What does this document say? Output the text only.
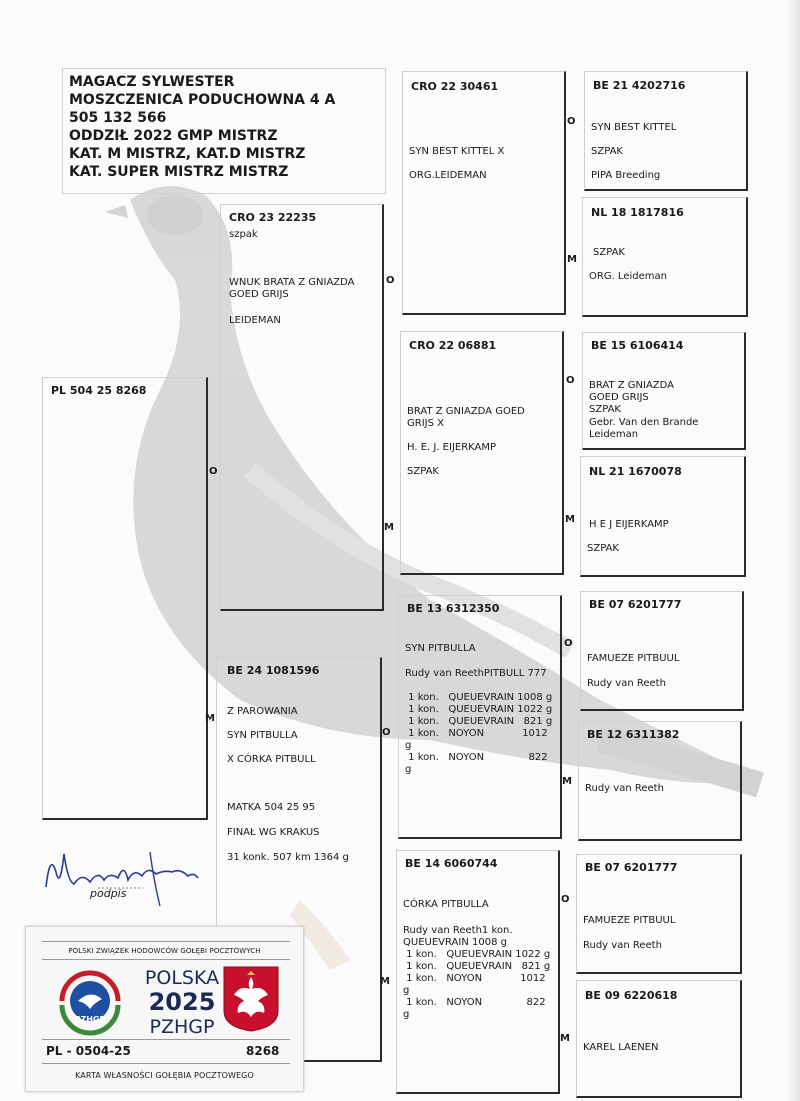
MAGACZ SYLWESTER
MOSZCZENICA PODUCHOWNA 4 A
505 132 566
ODDZIŁ 2022 GMP MISTRZ
KAT. M MISTRZ, KAT.D MISTRZ
KAT. SUPER MISTRZ MISTRZ
PL 504 25 8268
CRO 23 22235
szpak
WNUK BRATA Z GNIAZDA
GOED GRIJS
LEIDEMAN
BE 24 1081596
Z PAROWANIA
SYN PITBULLA
X CÓRKA PITBULL
MATKA 504 25 95
FINAŁ WG KRAKUS
31 konk. 507 km 1364 g
CRO 22 30461
SYN BEST KITTEL X
ORG.LEIDEMAN
CRO 22 06881
BRAT Z GNIAZDA GOED
GRIJS X
H. E. J. EIJERKAMP
SZPAK
BE 13 6312350
SYN PITBULLA
Rudy van ReethPITBULL 777
1 kon.   QUEUEVRAIN 1008 g
1 kon.   QUEUEVRAIN 1022 g
1 kon.   QUEUEVRAIN   821 g
1 kon.   NOYON            1012
g
1 kon.   NOYON              822
g
BE 14 6060744
CÓRKA PITBULLA
Rudy van Reeth1 kon.
QUEUEVRAIN 1008 g
1 kon.   QUEUEVRAIN 1022 g
1 kon.   QUEUEVRAIN   821 g
1 kon.   NOYON            1012
g
1 kon.   NOYON              822
g
BE 21 4202716
SYN BEST KITTEL
SZPAK
PIPA Breeding
NL 18 1817816
SZPAK
ORG. Leideman
BE 15 6106414
BRAT Z GNIAZDA
GOED GRIJS
SZPAK
Gebr. Van den Brande
Leideman
NL 21 1670078
H E J EIJERKAMP
SZPAK
BE 07 6201777
FAMUEZE PITBUUL
Rudy van Reeth
BE 12 6311382
Rudy van Reeth
BE 07 6201777
FAMUEZE PITBUUL
Rudy van Reeth
BE 09 6220618
KAREL LAENEN
O
M
O
M
O
M
O
M
O
M
O
M
O
M
podpis
POLSKI ZWIĄZEK HODOWCÓW GOŁĘBI POCZTOWYCH
PZHGP
POLSKA
2025
PZHGP
PL - 0504-25	8268
KARTA WŁASNOŚCI GOŁĘBIA POCZTOWEGO
